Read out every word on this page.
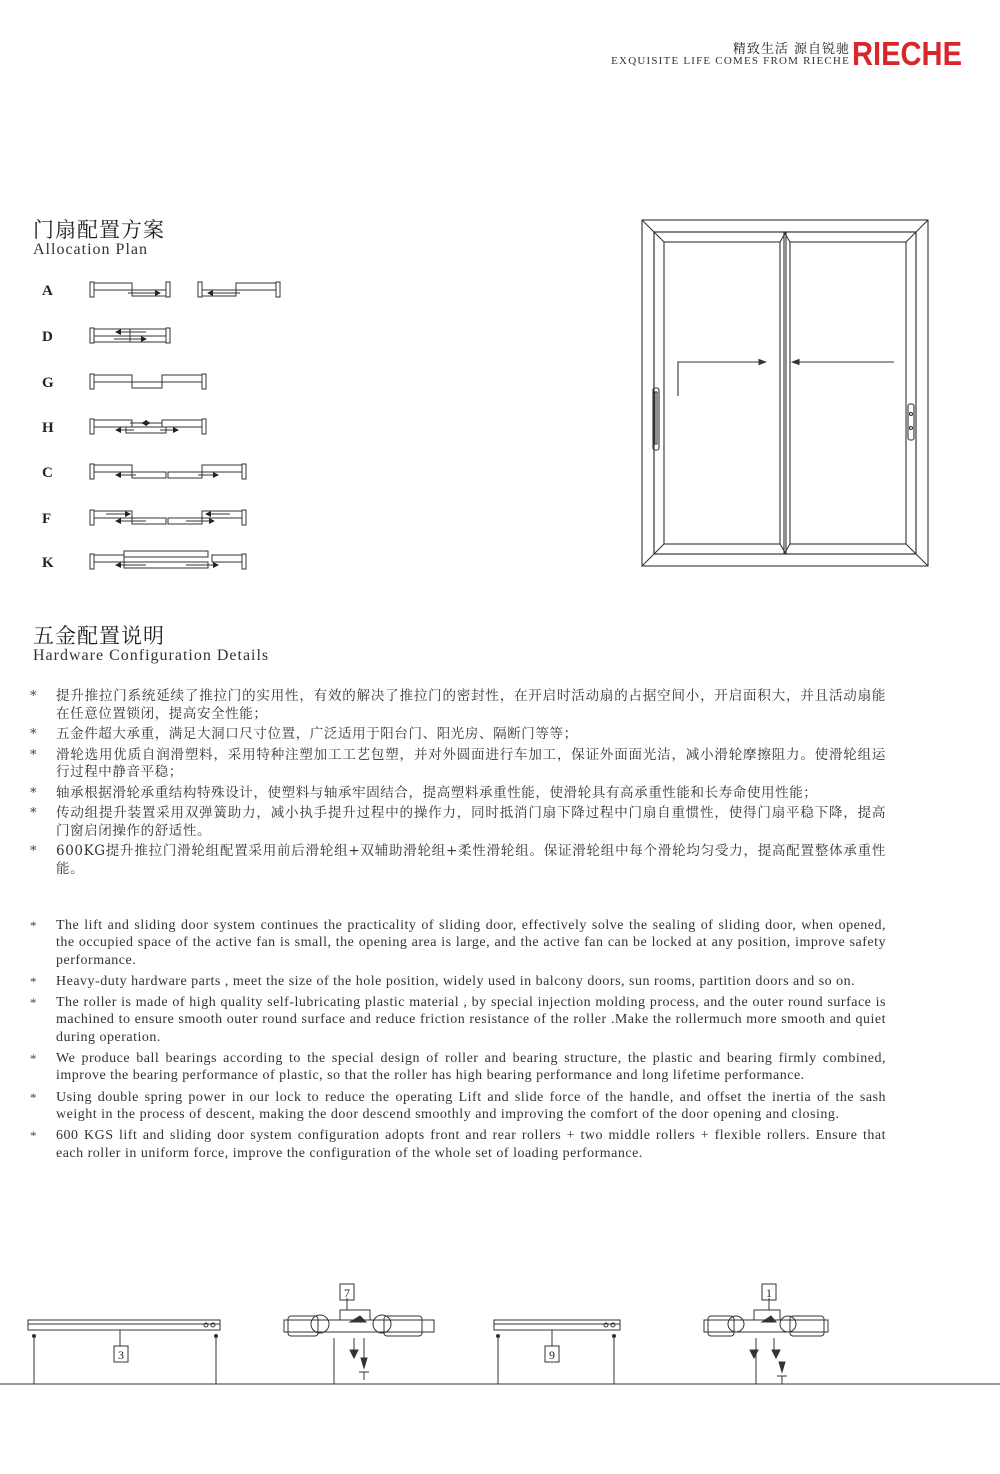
精致生活 源自锐驰
EXQUISITE LIFE COMES FROM RIECHE RIECHE
门扇配置方案
Allocation Plan
A
D
G
H
C
F
K
五金配置说明
Hardware Configuration Details
* 提升推拉门系统延续了推拉门的实用性，有效的解决了推拉门的密封性，在开启时活动扇的占据空间小，开启面积大，并且活动扇能在任意位置锁闭，提高安全性能；
* 五金件超大承重，满足大洞口尺寸位置，广泛适用于阳台门、阳光房、隔断门等等；
* 滑轮选用优质自润滑塑料，采用特种注塑加工工艺包塑，并对外圆面进行车加工，保证外面面光洁，减小滑轮摩擦阻力。使滑轮组运行过程中静音平稳；
* 轴承根据滑轮承重结构特殊设计，使塑料与轴承牢固结合，提高塑料承重性能，使滑轮具有高承重性能和长寿命使用性能；
* 传动组提升装置采用双弹簧助力，减小执手提升过程中的操作力，同时抵消门扇下降过程中门扇自重惯性，使得门扇平稳下降，提高门窗启闭操作的舒适性。
* 600KG提升推拉门滑轮组配置采用前后滑轮组+双辅助滑轮组+柔性滑轮组。保证滑轮组中每个滑轮均匀受力，提高配置整体承重性能。
* The lift and sliding door system continues the practicality of sliding door, effectively solve the sealing of sliding door, when opened, the occupied space of the active fan is small, the opening area is large, and the active fan can be locked at any position, improve safety performance.
* Heavy-duty hardware parts , meet the size of the hole position, widely used in balcony doors, sun rooms, partition doors and so on.
* The roller is made of high quality self-lubricating plastic material , by special injection molding process, and the outer round surface is machined to ensure smooth outer round surface and reduce friction resistance of the roller .Make the rollermuch more smooth and quiet during operation.
* We produce ball bearings according to the special design of roller and bearing structure, the plastic and bearing firmly combined, improve the bearing performance of plastic, so that the roller has high bearing performance and long lifetime performance.
* Using double spring power in our lock to reduce the operating Lift and slide force of the handle, and offset the inertia of the sash weight in the process of descent, making the door descend smoothly and improving the comfort of the door opening and closing.
* 600 KGS lift and sliding door system configuration adopts front and rear rollers + two middle rollers + flexible rollers. Ensure that each roller in uniform force, improve the configuration of the whole set of loading performance.
3
7
9
1
